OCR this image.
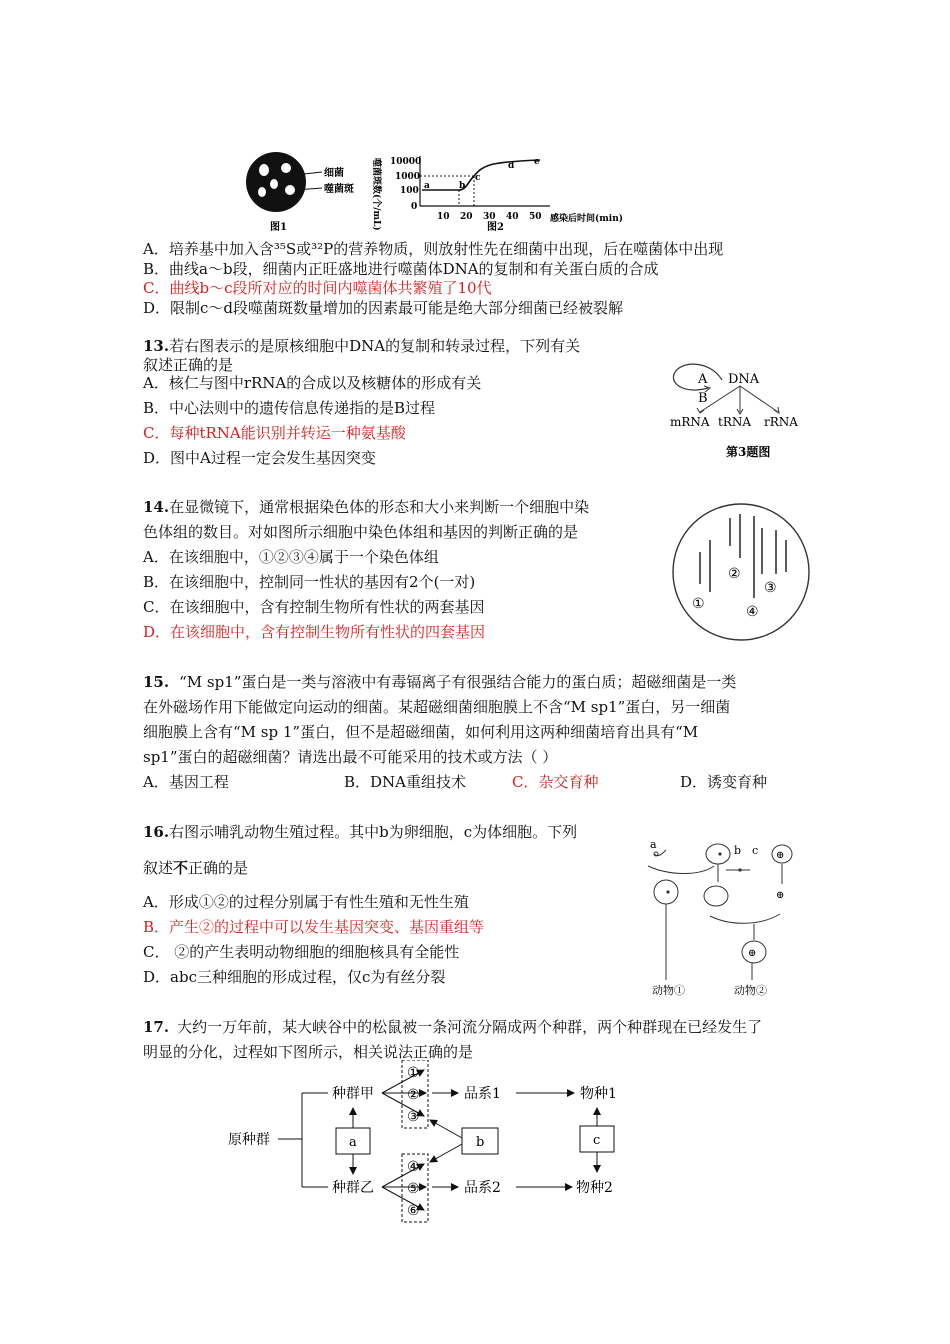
细菌
噬菌斑
图1	噬菌斑数(个/mL) 10000
1000
100
0
10 20 30 40 50 感染后时间(min)
图2
a	b
c
d e
A．培养基中加入含³⁵S或³²P的营养物质，则放射性先在细菌中出现，后在噬菌体中出现
B．曲线a～b段，细菌内正旺盛地进行噬菌体DNA的复制和有关蛋白质的合成
C．曲线b～c段所对应的时间内噬菌体共繁殖了10代
D．限制c～d段噬菌斑数量增加的因素最可能是绝大部分细菌已经被裂解
13.若右图表示的是原核细胞中DNA的复制和转录过程，下列有关
叙述正确的是
A．核仁与图中rRNA的合成以及核糖体的形成有关
B．中心法则中的遗传信息传递指的是B过程
C．每种tRNA能识别并转运一种氨基酸
D．图中A过程一定会发生基因突变
A DNA
B
mRNA tRNA rRNA
第3题图
14.在显微镜下，通常根据染色体的形态和大小来判断一个细胞中染
色体组的数目。对如图所示细胞中染色体组和基因的判断正确的是
A．在该细胞中，①②③④属于一个染色体组
B．在该细胞中，控制同一性状的基因有2个(一对)
C．在该细胞中，含有控制生物所有性状的两套基因
D．在该细胞中，含有控制生物所有性状的四套基因
①
②
③
④
15. “M sp1”蛋白是一类与溶液中有毒镉离子有很强结合能力的蛋白质；超磁细菌是一类
在外磁场作用下能做定向运动的细菌。某超磁细菌细胞膜上不含“M sp1”蛋白，另一细菌
细胞膜上含有“M sp 1”蛋白，但不是超磁细菌，如何利用这两种细菌培育出具有“M
sp1”蛋白的超磁细菌？请选出最不可能采用的技术或方法（ ）
A．基因工程	B．DNA重组技术	C．杂交育种	D．诱变育种
16.右图示哺乳动物生殖过程。其中b为卵细胞，c为体细胞。下列
叙述不正确的是
A．形成①②的过程分别属于有性生殖和无性生殖
B．产生②的过程中可以发生基因突变、基因重组等
C． ②的产生表明动物细胞的细胞核具有全能性
D．abc三种细胞的形成过程，仅c为有丝分裂
a	b c ⊕
⊕
⊕
动物①	动物②
17. 大约一万年前，某大峡谷中的松鼠被一条河流分隔成两个种群，两个种群现在已经发生了
明显的分化，过程如下图所示，相关说法正确的是
原种群
种群甲
种群乙
a
①
②
③
④
⑤
⑥
b
品系1
品系2
物种1
物种2
c
